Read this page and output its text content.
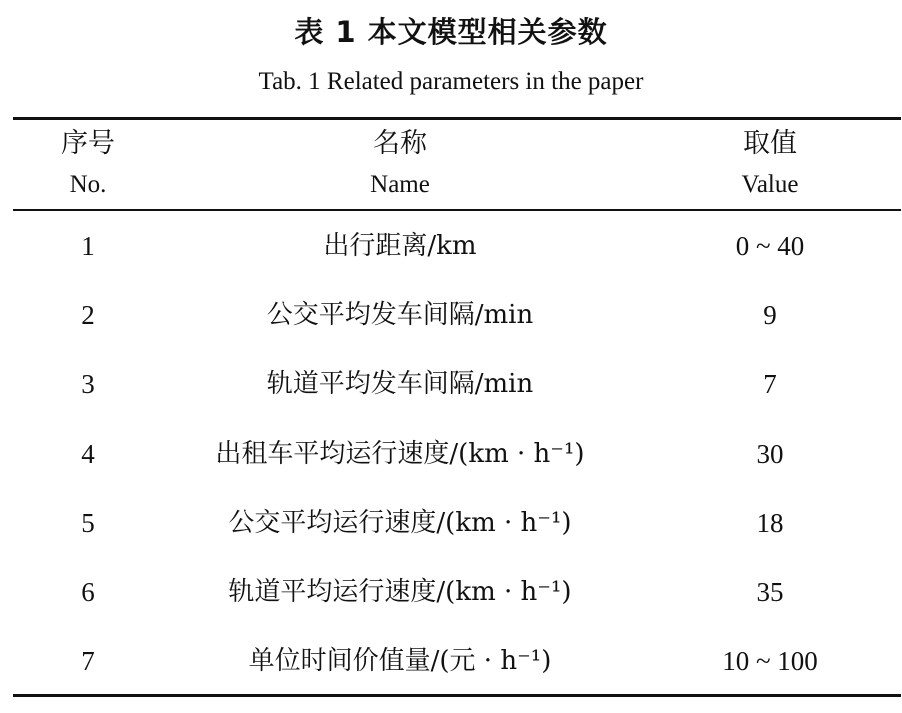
表 1 本文模型相关参数
Tab. 1 Related parameters in the paper
序号	名称	取值
No.	Name	Value
1	出行距离/km	0 ~ 40
2	公交平均发车间隔/min	9
3	轨道平均发车间隔/min	7
4	出租车平均运行速度/(km · h⁻¹)	30
5	公交平均运行速度/(km · h⁻¹)	18
6	轨道平均运行速度/(km · h⁻¹)	35
7	单位时间价值量/(元 · h⁻¹)	10 ~ 100
